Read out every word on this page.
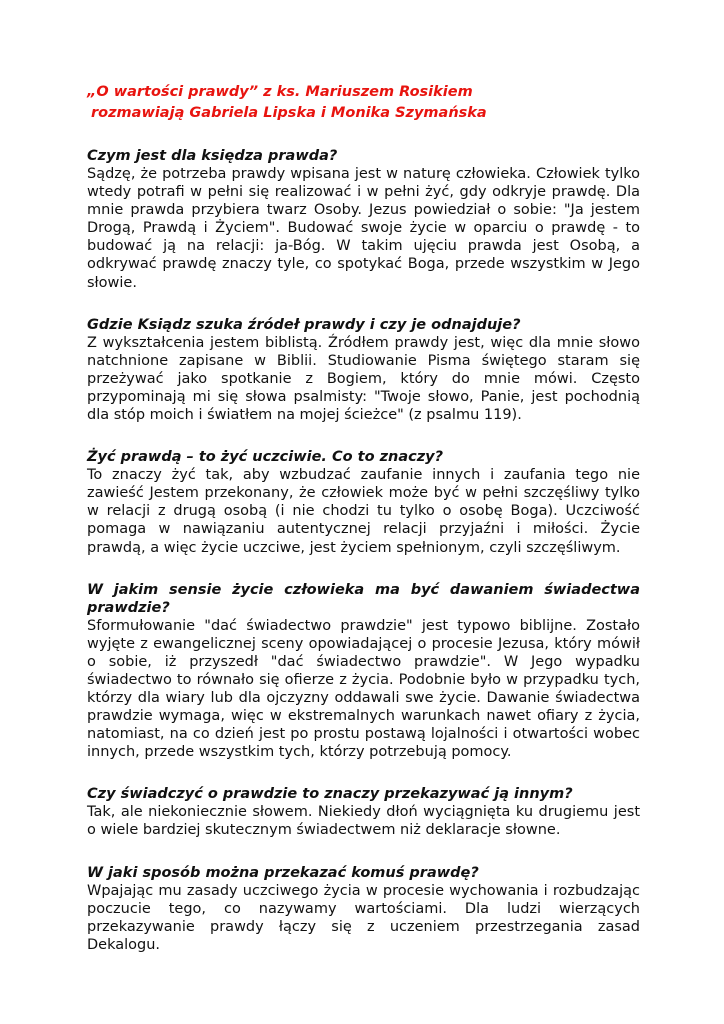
„O wartości prawdy” z ks. Mariuszem Rosikiem
rozmawiają Gabriela Lipska i Monika Szymańska

Czym jest dla księdza prawda?

Sądzę, że potrzeba prawdy wpisana jest w naturę człowieka. Człowiek tylko wtedy potrafi w pełni się realizować i w pełni żyć, gdy odkryje prawdę. Dla mnie prawda przybiera twarz Osoby. Jezus powiedział o sobie: "Ja jestem Drogą, Prawdą i Życiem". Budować swoje życie w oparciu o prawdę - to budować ją na relacji: ja-Bóg. W takim ujęciu prawda jest Osobą, a odkrywać prawdę znaczy tyle, co spotykać Boga, przede wszystkim w Jego słowie.

Gdzie Ksiądz szuka źródeł prawdy i czy je odnajduje?

Z wykształcenia jestem biblistą. Źródłem prawdy jest, więc dla mnie słowo natchnione zapisane w Biblii. Studiowanie Pisma świętego staram się przeżywać jako spotkanie z Bogiem, który do mnie mówi. Często przypominają mi się słowa psalmisty: "Twoje słowo, Panie, jest pochodnią dla stóp moich i światłem na mojej ścieżce" (z psalmu 119).

Żyć prawdą – to żyć uczciwie. Co to znaczy?

To znaczy żyć tak, aby wzbudzać zaufanie innych i zaufania tego nie zawieść Jestem przekonany, że człowiek może być w pełni szczęśliwy tylko w relacji z drugą osobą (i nie chodzi tu tylko o osobę Boga). Uczciwość pomaga w nawiązaniu autentycznej relacji przyjaźni i miłości. Życie prawdą, a więc życie uczciwe, jest życiem spełnionym, czyli szczęśliwym.

W jakim sensie życie człowieka ma być dawaniem świadectwa prawdzie?

Sformułowanie "dać świadectwo prawdzie" jest typowo biblijne. Zostało wyjęte z ewangelicznej sceny opowiadającej o procesie Jezusa, który mówił o sobie, iż przyszedł "dać świadectwo prawdzie". W Jego wypadku świadectwo to równało się ofierze z życia. Podobnie było w przypadku tych, którzy dla wiary lub dla ojczyzny oddawali swe życie. Dawanie świadectwa prawdzie wymaga, więc w ekstremalnych warunkach nawet ofiary z życia, natomiast, na co dzień jest po prostu postawą lojalności i otwartości wobec innych, przede wszystkim tych, którzy potrzebują pomocy.

Czy świadczyć o prawdzie to znaczy przekazywać ją innym?

Tak, ale niekoniecznie słowem. Niekiedy dłoń wyciągnięta ku drugiemu jest o wiele bardziej skutecznym świadectwem niż deklaracje słowne.

W jaki sposób można przekazać komuś prawdę?

Wpajając mu zasady uczciwego życia w procesie wychowania i rozbudzając poczucie tego, co nazywamy wartościami. Dla ludzi wierzących przekazywanie prawdy łączy się z uczeniem przestrzegania zasad Dekalogu.
